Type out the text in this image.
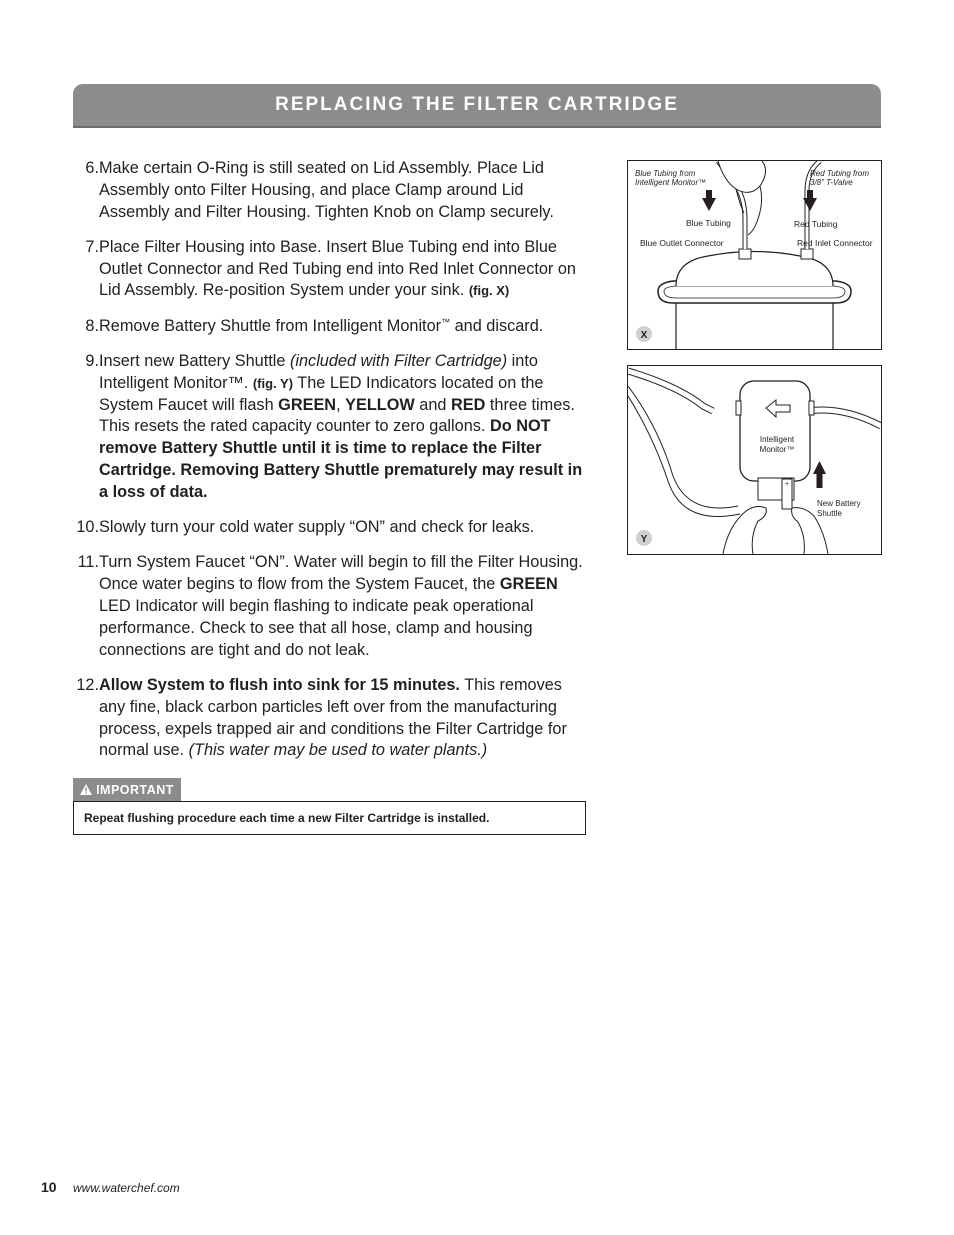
REPLACING THE FILTER CARTRIDGE
6. Make certain O-Ring is still seated on Lid Assembly. Place Lid Assembly onto Filter Housing, and place Clamp around Lid Assembly and Filter Housing. Tighten Knob on Clamp securely.
7. Place Filter Housing into Base. Insert Blue Tubing end into Blue Outlet Connector and Red Tubing end into Red Inlet Connector on Lid Assembly. Re-position System under your sink. (fig. X)
8. Remove Battery Shuttle from Intelligent Monitor™ and discard.
9. Insert new Battery Shuttle (included with Filter Cartridge) into Intelligent Monitor™. (fig. Y) The LED Indicators located on the System Faucet will flash GREEN, YELLOW and RED three times. This resets the rated capacity counter to zero gallons. Do NOT remove Battery Shuttle until it is time to replace the Filter Cartridge. Removing Battery Shuttle prematurely may result in a loss of data.
10. Slowly turn your cold water supply “ON” and check for leaks.
11. Turn System Faucet “ON”. Water will begin to fill the Filter Housing. Once water begins to flow from the System Faucet, the GREEN LED Indicator will begin flashing to indicate peak operational performance. Check to see that all hose, clamp and housing connections are tight and do not leak.
12. Allow System to flush into sink for 15 minutes. This removes any fine, black carbon particles left over from the manufacturing process, expels trapped air and conditions the Filter Cartridge for normal use. (This water may be used to water plants.)
IMPORTANT
Repeat flushing procedure each time a new Filter Cartridge is installed.
Blue Tubing from
Intelligent Monitor™
Red Tubing from
3/8" T-Valve
Blue Tubing	Red Tubing
Blue Outlet Connector	Red Inlet Connector
X
+
Intelligent
Monitor™
New Battery
Shuttle
Y
10 www.waterchef.com
